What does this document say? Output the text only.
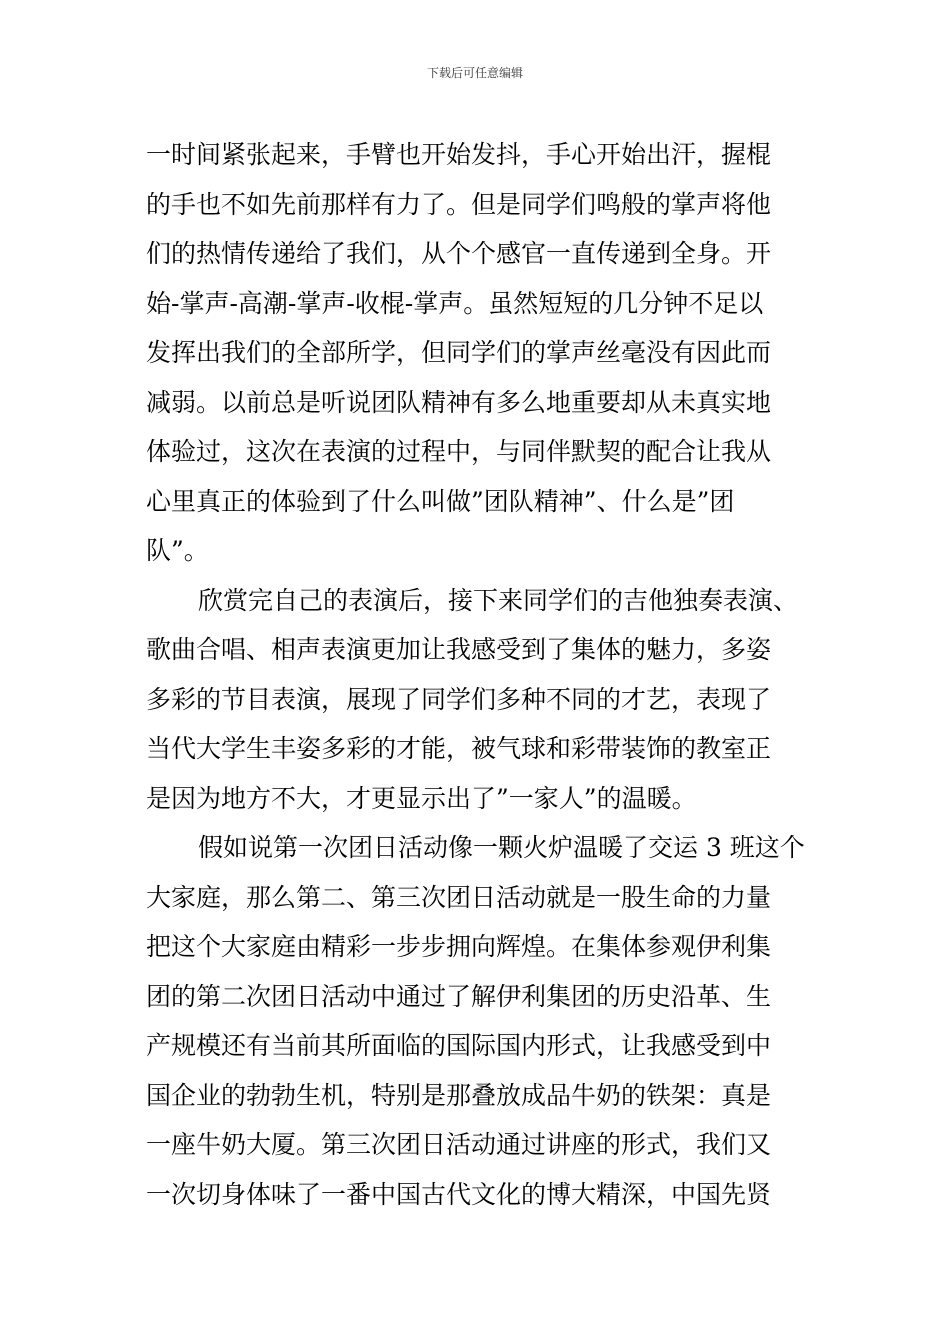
下载后可任意编辑
一时间紧张起来，手臂也开始发抖，手心开始出汗，握棍
的手也不如先前那样有力了。但是同学们鸣般的掌声将他
们的热情传递给了我们，从个个感官一直传递到全身。开
始-掌声-高潮-掌声-收棍-掌声。虽然短短的几分钟不足以
发挥出我们的全部所学，但同学们的掌声丝毫没有因此而
减弱。以前总是听说团队精神有多么地重要却从未真实地
体验过，这次在表演的过程中，与同伴默契的配合让我从
心里真正的体验到了什么叫做”团队精神”、什么是”团
队”。
欣赏完自己的表演后，接下来同学们的吉他独奏表演、
歌曲合唱、相声表演更加让我感受到了集体的魅力，多姿
多彩的节目表演，展现了同学们多种不同的才艺，表现了
当代大学生丰姿多彩的才能，被气球和彩带装饰的教室正
是因为地方不大，才更显示出了”一家人”的温暖。
假如说第一次团日活动像一颗火炉温暖了交运 3 班这个
大家庭，那么第二、第三次团日活动就是一股生命的力量
把这个大家庭由精彩一步步拥向辉煌。在集体参观伊利集
团的第二次团日活动中通过了解伊利集团的历史沿革、生
产规模还有当前其所面临的国际国内形式，让我感受到中
国企业的勃勃生机，特别是那叠放成品牛奶的铁架：真是
一座牛奶大厦。第三次团日活动通过讲座的形式，我们又
一次切身体味了一番中国古代文化的博大精深，中国先贤
